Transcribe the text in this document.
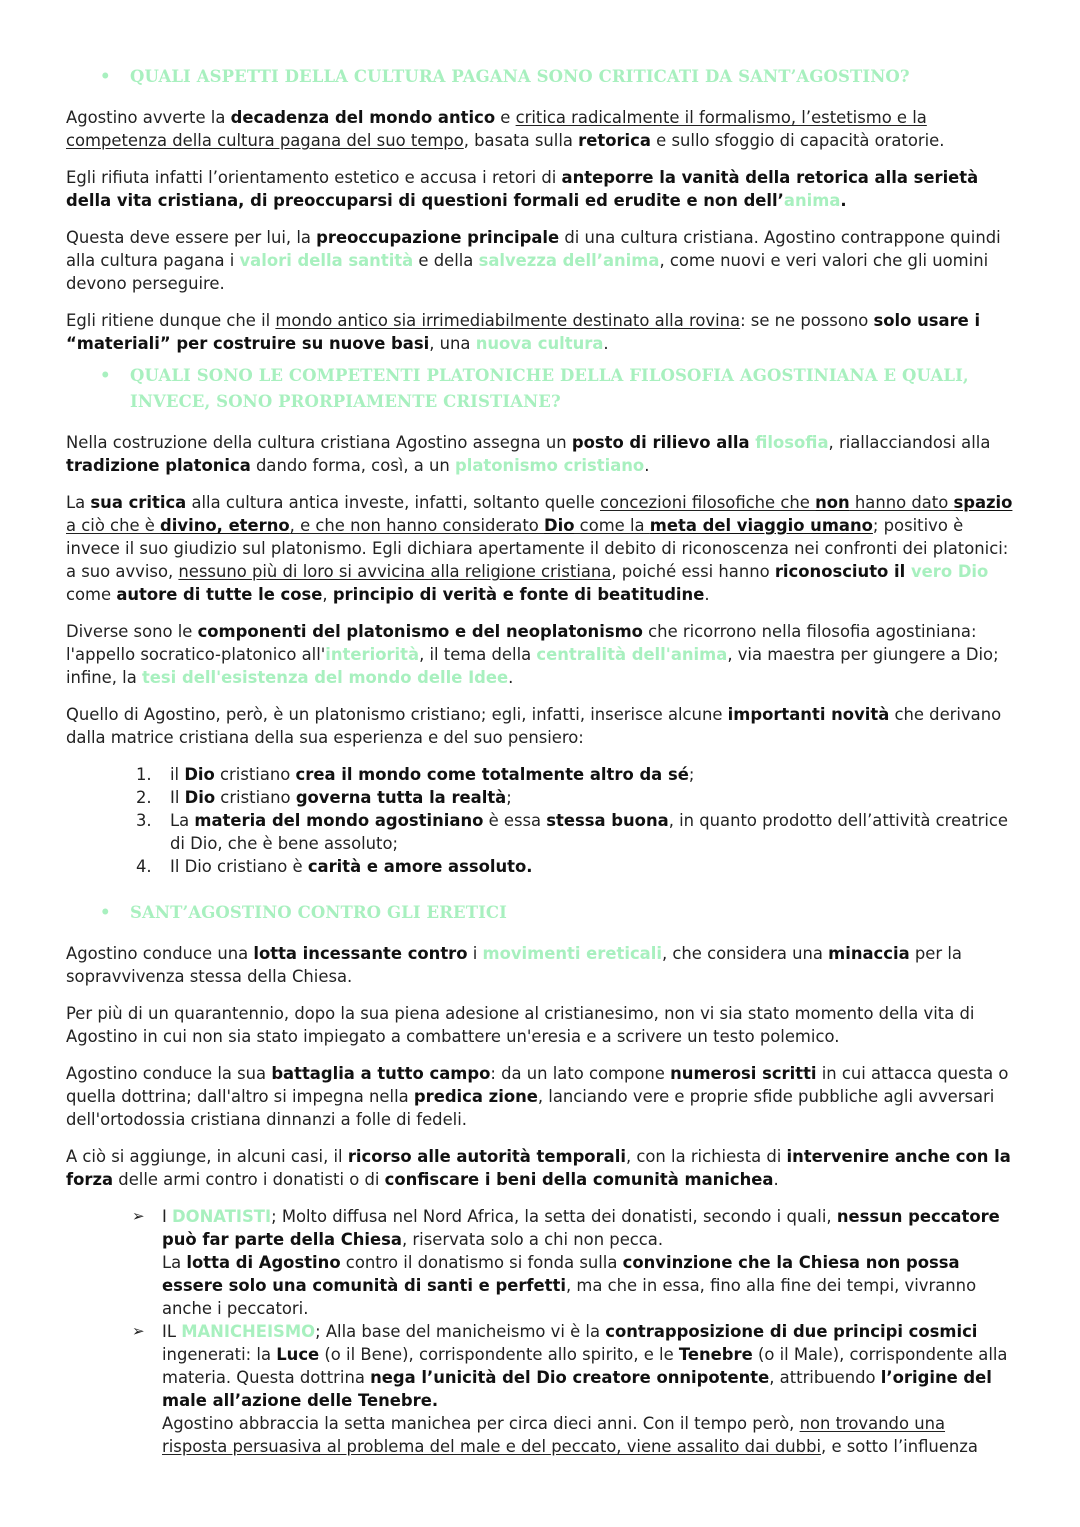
•	QUALI ASPETTI DELLA CULTURA PAGANA SONO CRITICATI DA SANT’AGOSTINO?

Agostino avverte la decadenza del mondo antico e critica radicalmente il formalismo, l’estetismo e la competenza della cultura pagana del suo tempo, basata sulla retorica e sullo sfoggio di capacità oratorie.

Egli rifiuta infatti l’orientamento estetico e accusa i retori di anteporre la vanità della retorica alla serietà della vita cristiana, di preoccuparsi di questioni formali ed erudite e non dell’anima.

Questa deve essere per lui, la preoccupazione principale di una cultura cristiana. Agostino contrappone quindi alla cultura pagana i valori della santità e della salvezza dell’anima, come nuovi e veri valori che gli uomini devono perseguire.

Egli ritiene dunque che il mondo antico sia irrimediabilmente destinato alla rovina: se ne possono solo usare i “materiali” per costruire su nuove basi, una nuova cultura.

•	QUALI SONO LE COMPETENTI PLATONICHE DELLA FILOSOFIA AGOSTINIANA E QUALI, INVECE, SONO PRORPIAMENTE CRISTIANE?

Nella costruzione della cultura cristiana Agostino assegna un posto di rilievo alla filosofia, riallacciandosi alla tradizione platonica dando forma, così, a un platonismo cristiano.

La sua critica alla cultura antica investe, infatti, soltanto quelle concezioni filosofiche che non hanno dato spazio a ciò che è divino, eterno, e che non hanno considerato Dio come la meta del viaggio umano; positivo è invece il suo giudizio sul platonismo. Egli dichiara apertamente il debito di riconoscenza nei confronti dei platonici: a suo avviso, nessuno più di loro si avvicina alla religione cristiana, poiché essi hanno riconosciuto il vero Dio come autore di tutte le cose, principio di verità e fonte di beatitudine.

Diverse sono le componenti del platonismo e del neoplatonismo che ricorrono nella filosofia agostiniana: l'appello socratico-platonico all'interiorità, il tema della centralità dell'anima, via maestra per giungere a Dio; infine, la tesi dell'esistenza del mondo delle Idee.

Quello di Agostino, però, è un platonismo cristiano; egli, infatti, inserisce alcune importanti novità che derivano dalla matrice cristiana della sua esperienza e del suo pensiero:

1. il Dio cristiano crea il mondo come totalmente altro da sé;
2. Il Dio cristiano governa tutta la realtà;
3. La materia del mondo agostiniano è essa stessa buona, in quanto prodotto dell’attività creatrice di Dio, che è bene assoluto;
4. Il Dio cristiano è carità e amore assoluto.
•	SANT’AGOSTINO CONTRO GLI ERETICI

Agostino conduce una lotta incessante contro i movimenti ereticali, che considera una minaccia per la sopravvivenza stessa della Chiesa.

Per più di un quarantennio, dopo la sua piena adesione al cristianesimo, non vi sia stato momento della vita di Agostino in cui non sia stato impiegato a combattere un'eresia e a scrivere un testo polemico.

Agostino conduce la sua battaglia a tutto campo: da un lato compone numerosi scritti in cui attacca questa o quella dottrina; dall'altro si impegna nella predica zione, lanciando vere e proprie sfide pubbliche agli avversari dell'ortodossia cristiana dinnanzi a folle di fedeli.

A ciò si aggiunge, in alcuni casi, il ricorso alle autorità temporali, con la richiesta di intervenire anche con la forza delle armi contro i donatisti o di confiscare i beni della comunità manichea.

➢ I DONATISTI; Molto diffusa nel Nord Africa, la setta dei donatisti, secondo i quali, nessun peccatore può far parte della Chiesa, riservata solo a chi non pecca.
La lotta di Agostino contro il donatismo si fonda sulla convinzione che la Chiesa non possa essere solo una comunità di santi e perfetti, ma che in essa, fino alla fine dei tempi, vivranno anche i peccatori.
➢ IL MANICHEISMO; Alla base del manicheismo vi è la contrapposizione di due principi cosmici ingenerati: la Luce (o il Bene), corrispondente allo spirito, e le Tenebre (o il Male), corrispondente alla materia. Questa dottrina nega l’unicità del Dio creatore onnipotente, attribuendo l’origine del male all’azione delle Tenebre.
Agostino abbraccia la setta manichea per circa dieci anni. Con il tempo però, non trovando una risposta persuasiva al problema del male e del peccato, viene assalito dai dubbi, e sotto l’influenza
